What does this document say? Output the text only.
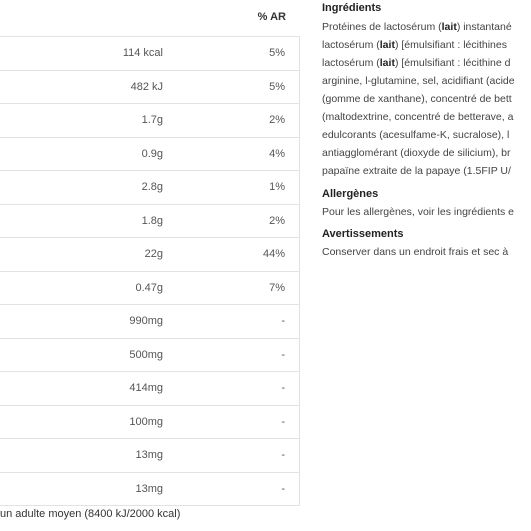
% AR
114 kcal	5%
482 kJ	5%
1.7g	2%
0.9g	4%
2.8g	1%
1.8g	2%
22g	44%
0.47g	7%
990mg	-
500mg	-
414mg	-
100mg	-
13mg	-
13mg	-
un adulte moyen (8400 kJ/2000 kcal)
Ingrédients
Protéines de lactosérum (lait) instantané
lactosérum (lait) [émulsifiant : lécithines
lactosérum (lait) [émulsifiant : lécithine d
arginine, l-glutamine, sel, acidifiant (acide
(gomme de xanthane), concentré de bett
(maltodextrine, concentré de betterave, a
edulcorants (acesulfame-K, sucralose), l
antiagglomérant (dioxyde de silicium), br
papaïne extraite de la papaye (1.5FIP U/
Allergènes

Pour les allergènes, voir les ingrédients e

Avertissements

Conserver dans un endroit frais et sec à
